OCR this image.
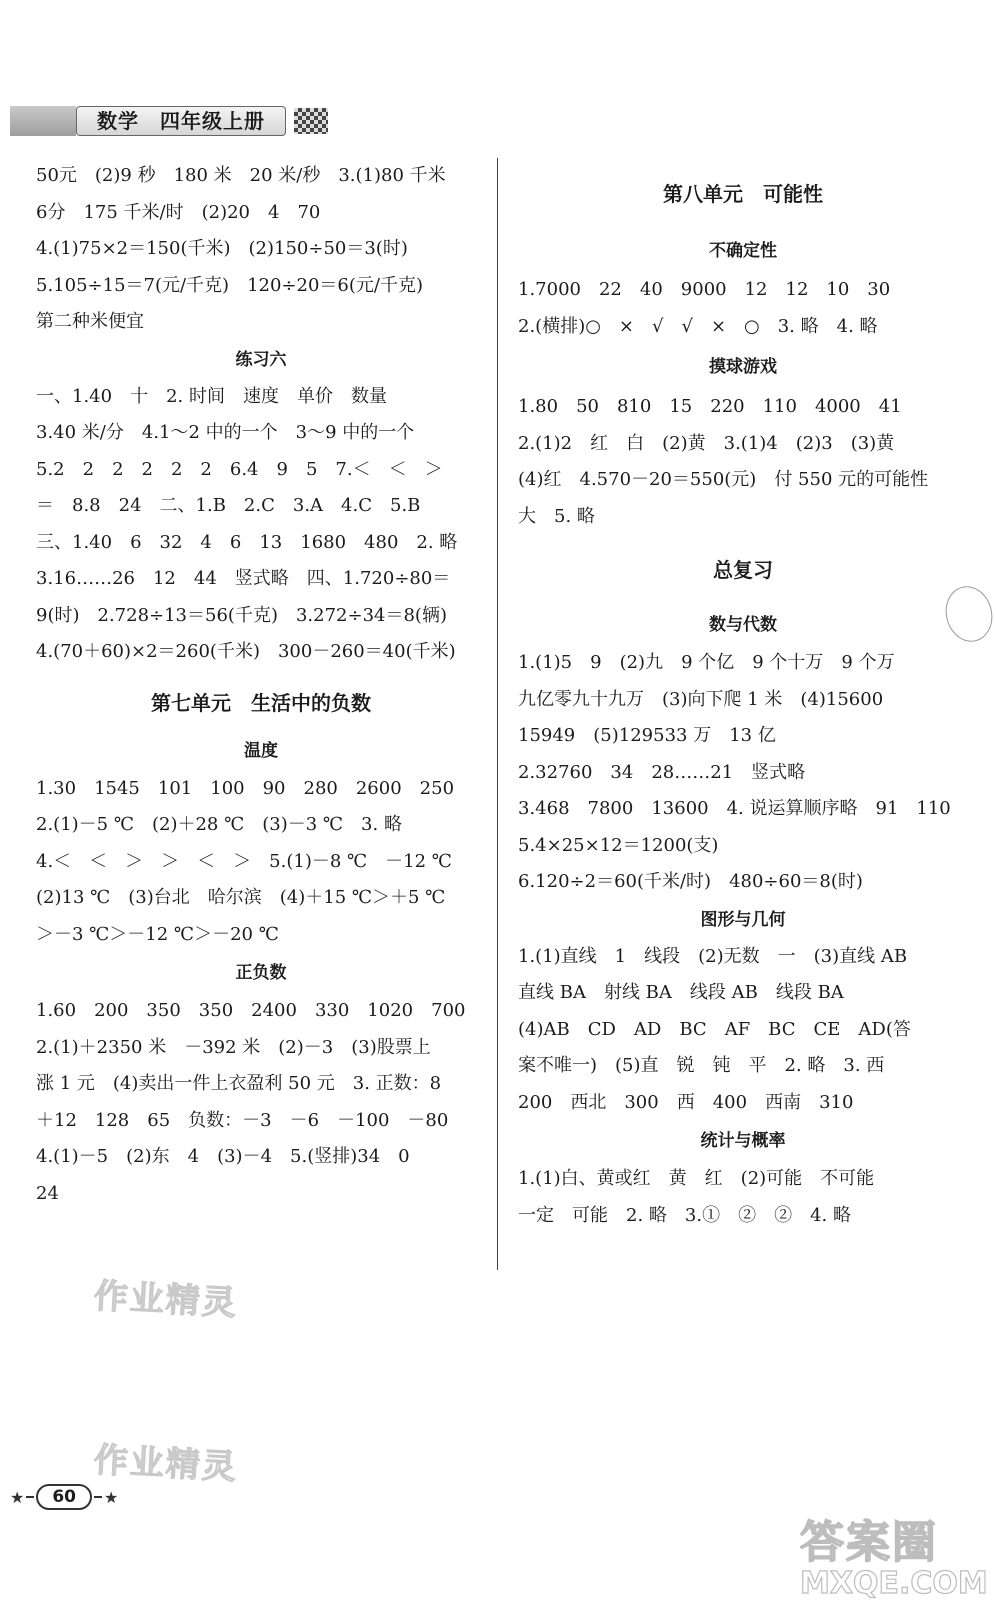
数学　 四年级上册
50元　(2)9 秒　180 米　20 米/秒　3.(1)80 千米
6分　175 千米/时　(2)20　4　70
4.(1)75×2＝150(千米)　(2)150÷50＝3(时)
5.105÷15＝7(元/千克)　120÷20＝6(元/千克)
第二种米便宜
练习六
一、1.40　十　2. 时间　速度　单价　数量
3.40 米/分　4.1～2 中的一个　3～9 中的一个
5.2　2　2　2　2　2　6.4　9　5　7.＜　＜　＞
＝　8.8　24　二、1.B　2.C　3.A　4.C　5.B
三、1.40　6　32　4　6　13　1680　480　2. 略
3.16……26　12　44　竖式略　四、1.720÷80＝
9(时)　2.728÷13＝56(千克)　3.272÷34＝8(辆)
4.(70＋60)×2＝260(千米)　300－260＝40(千米)
第七单元　生活中的负数
温度
1.30　1545　101　100　90　280　2600　250
2.(1)－5 ℃　(2)＋28 ℃　(3)－3 ℃　3. 略
4.＜　＜　＞　＞　＜　＞　5.(1)－8 ℃　－12 ℃
(2)13 ℃　(3)台北　哈尔滨　(4)＋15 ℃＞＋5 ℃
＞－3 ℃＞－12 ℃＞－20 ℃
正负数
1.60　200　350　350　2400　330　1020　700
2.(1)＋2350 米　－392 米　(2)－3　(3)股票上
涨 1 元　(4)卖出一件上衣盈利 50 元　3. 正数：8
＋12　128　65　负数：－3　－6　－100　－80
4.(1)－5　(2)东　4　(3)－4　5.(竖排)34　0
24
第八单元　可能性
不确定性
1.7000　22　40　9000　12　12　10　30
2.(横排)○　×　√　√　×　○　3. 略　4. 略
摸球游戏
1.80　50　810　15　220　110　4000　41
2.(1)2　红　白　(2)黄　3.(1)4　(2)3　(3)黄
(4)红　4.570－20＝550(元)　付 550 元的可能性
大　5. 略
总复习
数与代数
1.(1)5　9　(2)九　9 个亿　9 个十万　9 个万
九亿零九十九万　(3)向下爬 1 米　(4)15600
15949　(5)129533 万　13 亿
2.32760　34　28……21　竖式略
3.468　7800　13600　4. 说运算顺序略　91　110
5.4×25×12＝1200(支)
6.120÷2＝60(千米/时)　480÷60＝8(时)
图形与几何
1.(1)直线　1　线段　(2)无数　一　(3)直线 AB
直线 BA　射线 BA　线段 AB　线段 BA
(4)AB　CD　AD　BC　AF　BC　CE　AD(答
案不唯一)　(5)直　锐　钝　平　2. 略　3. 西
200　西北　300　西　400　西南　310
统计与概率
1.(1)白、黄或红　黄　红　(2)可能　不可能
一定　可能　2. 略　3.①　②　②　4. 略
★	60	★
作业精灵
作业精灵
答案圈
MXQE.COM
